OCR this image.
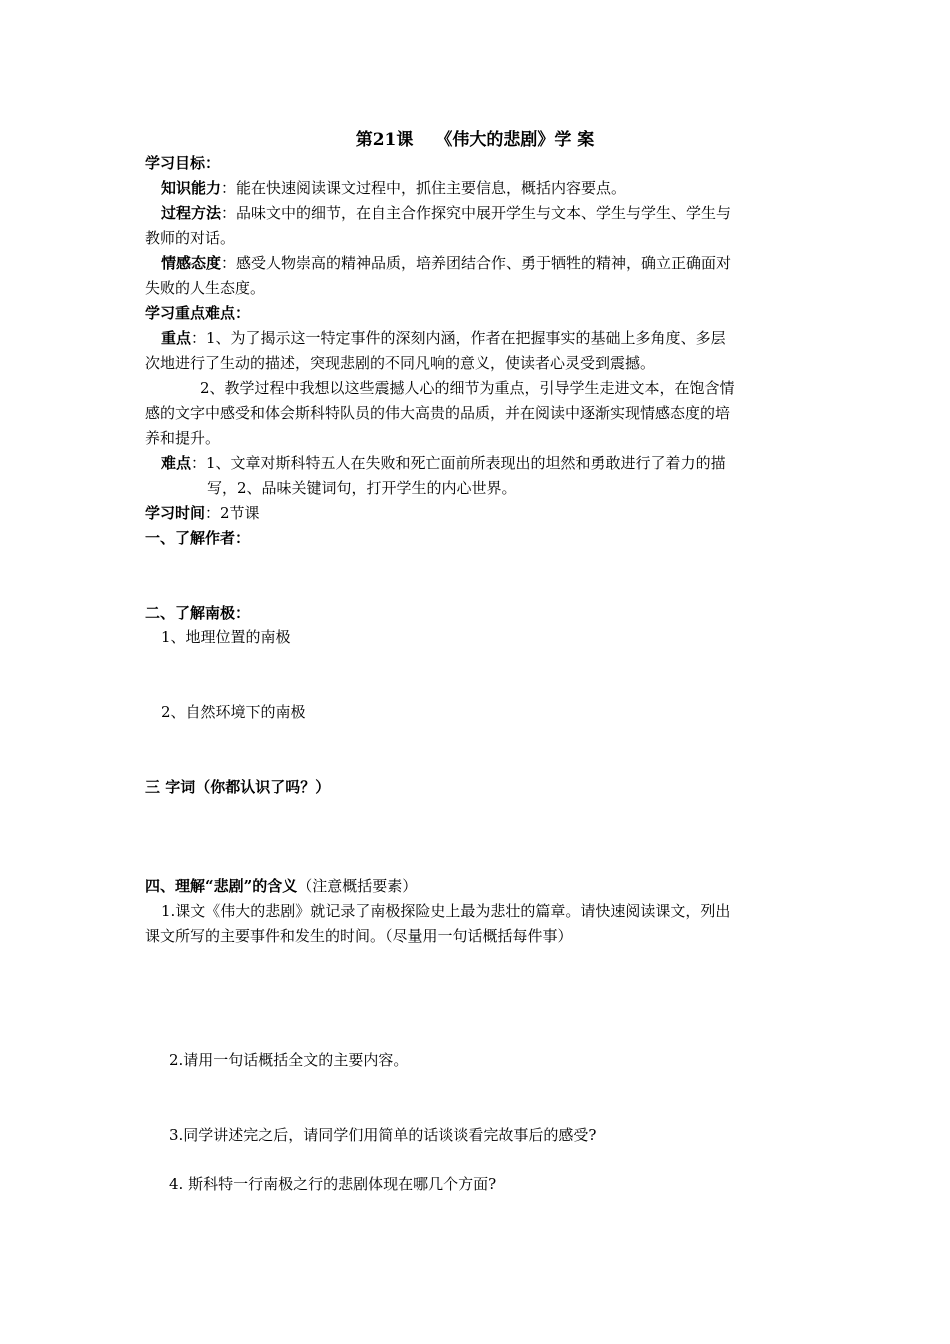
第21课 《伟大的悲剧》学 案
学习目标：
知识能力：能在快速阅读课文过程中，抓住主要信息，概括内容要点。
过程方法：品味文中的细节，在自主合作探究中展开学生与文本、学生与学生、学生与
教师的对话。
情感态度：感受人物崇高的精神品质，培养团结合作、勇于牺牲的精神，确立正确面对
失败的人生态度。
学习重点难点：
重点：1、为了揭示这一特定事件的深刻内涵，作者在把握事实的基础上多角度、多层
次地进行了生动的描述，突现悲剧的不同凡响的意义，使读者心灵受到震撼。
2、教学过程中我想以这些震撼人心的细节为重点，引导学生走进文本，在饱含情
感的文字中感受和体会斯科特队员的伟大高贵的品质，并在阅读中逐渐实现情感态度的培
养和提升。
难点：1、文章对斯科特五人在失败和死亡面前所表现出的坦然和勇敢进行了着力的描
写，2、品味关键词句，打开学生的内心世界。
学习时间：2节课
一、了解作者：
二、了解南极：
1、地理位置的南极
2、自然环境下的南极
三 字词（你都认识了吗？）
四、理解“悲剧”的含义（注意概括要素）
1.课文《伟大的悲剧》就记录了南极探险史上最为悲壮的篇章。请快速阅读课文，列出
课文所写的主要事件和发生的时间。（尽量用一句话概括每件事）
2.请用一句话概括全文的主要内容。
3.同学讲述完之后，请同学们用简单的话谈谈看完故事后的感受?
4. 斯科特一行南极之行的悲剧体现在哪几个方面?
